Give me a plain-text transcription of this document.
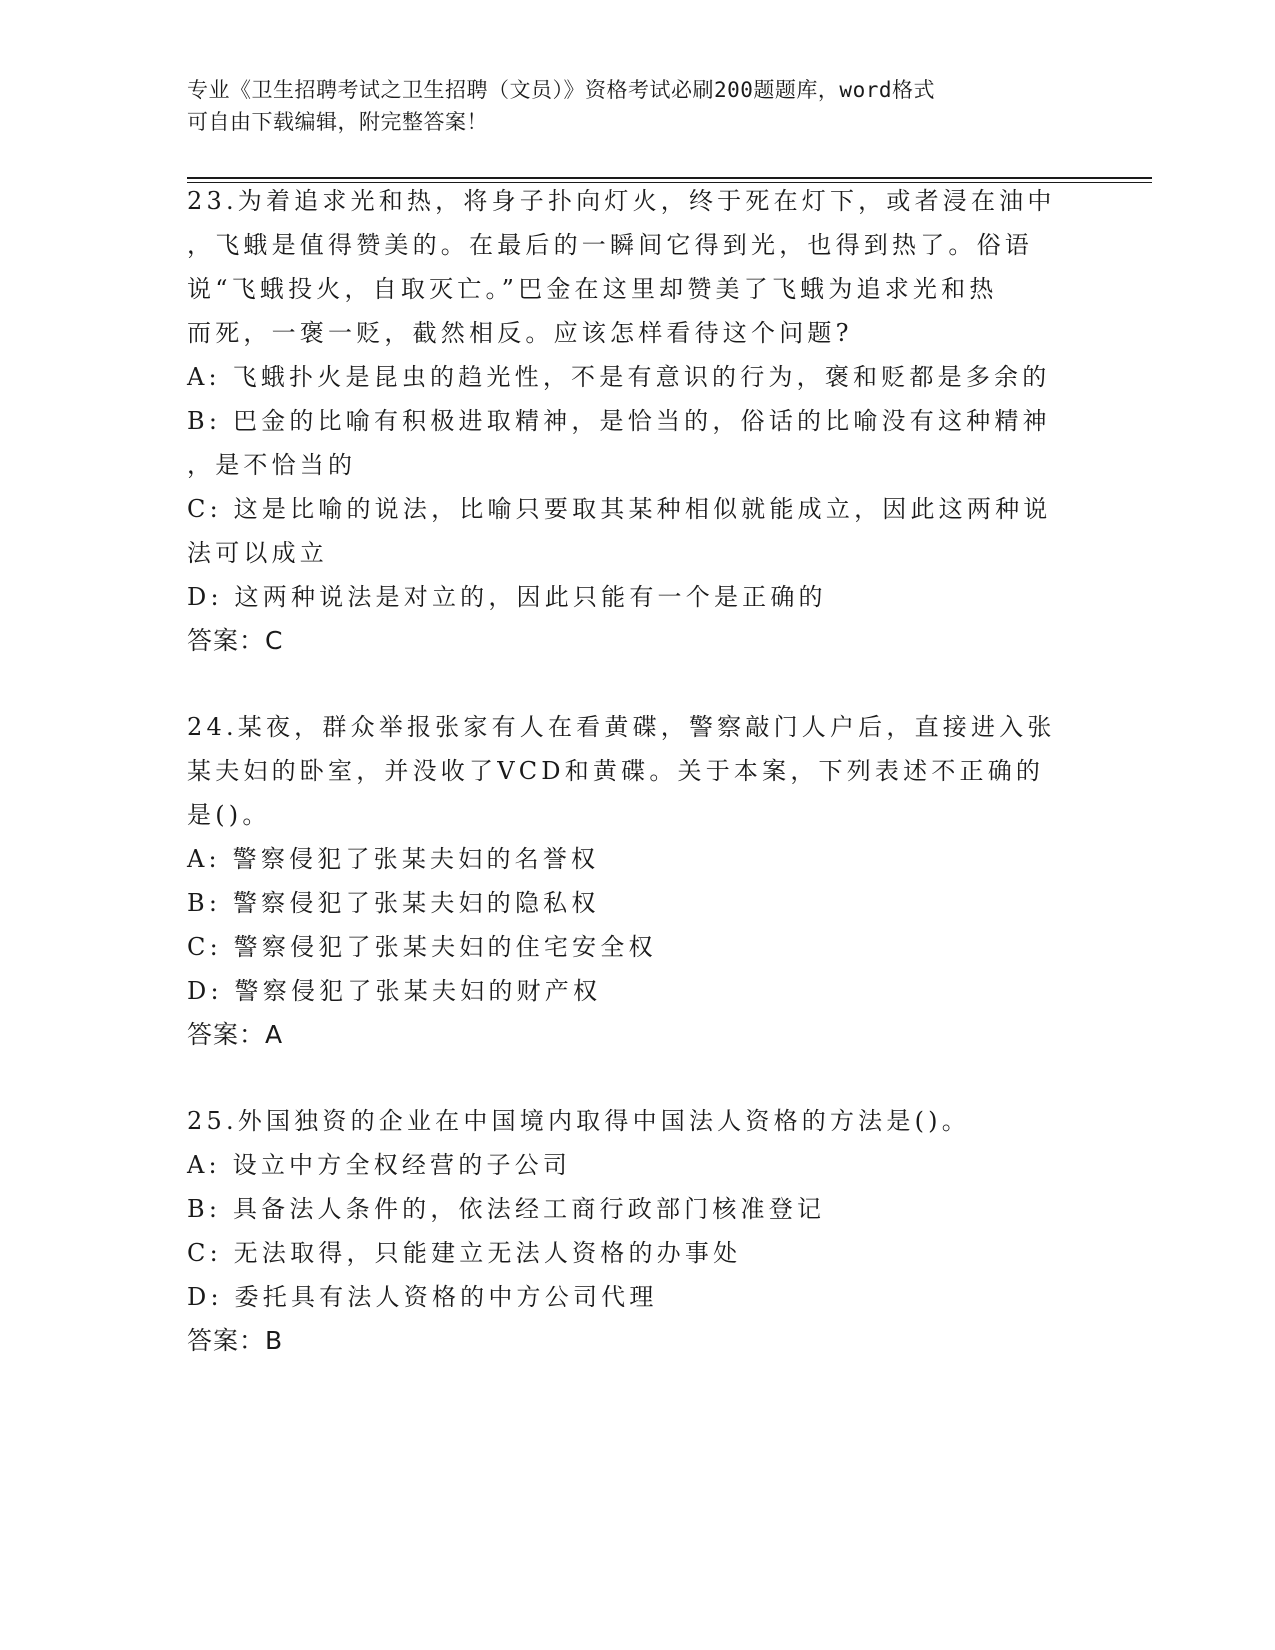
专业《卫生招聘考试之卫生招聘（文员）》资格考试必刷200题题库，word格式
可自由下载编辑，附完整答案！
23.为着追求光和热，将身子扑向灯火，终于死在灯下，或者浸在油中
，飞蛾是值得赞美的。在最后的一瞬间它得到光，也得到热了。俗语
说“飞蛾投火，自取灭亡。”巴金在这里却赞美了飞蛾为追求光和热
而死，一褒一贬，截然相反。应该怎样看待这个问题?
A: 飞蛾扑火是昆虫的趋光性，不是有意识的行为，褒和贬都是多余的
B: 巴金的比喻有积极进取精神，是恰当的，俗话的比喻没有这种精神
，是不恰当的
C: 这是比喻的说法，比喻只要取其某种相似就能成立，因此这两种说
法可以成立
D: 这两种说法是对立的，因此只能有一个是正确的
答案：C
24.某夜，群众举报张家有人在看黄碟，警察敲门人户后，直接进入张
某夫妇的卧室，并没收了VCD和黄碟。关于本案，下列表述不正确的
是()。
A: 警察侵犯了张某夫妇的名誉权
B: 警察侵犯了张某夫妇的隐私权
C: 警察侵犯了张某夫妇的住宅安全权
D: 警察侵犯了张某夫妇的财产权
答案：A
25.外国独资的企业在中国境内取得中国法人资格的方法是()。
A: 设立中方全权经营的子公司
B: 具备法人条件的，依法经工商行政部门核准登记
C: 无法取得，只能建立无法人资格的办事处
D: 委托具有法人资格的中方公司代理
答案：B
